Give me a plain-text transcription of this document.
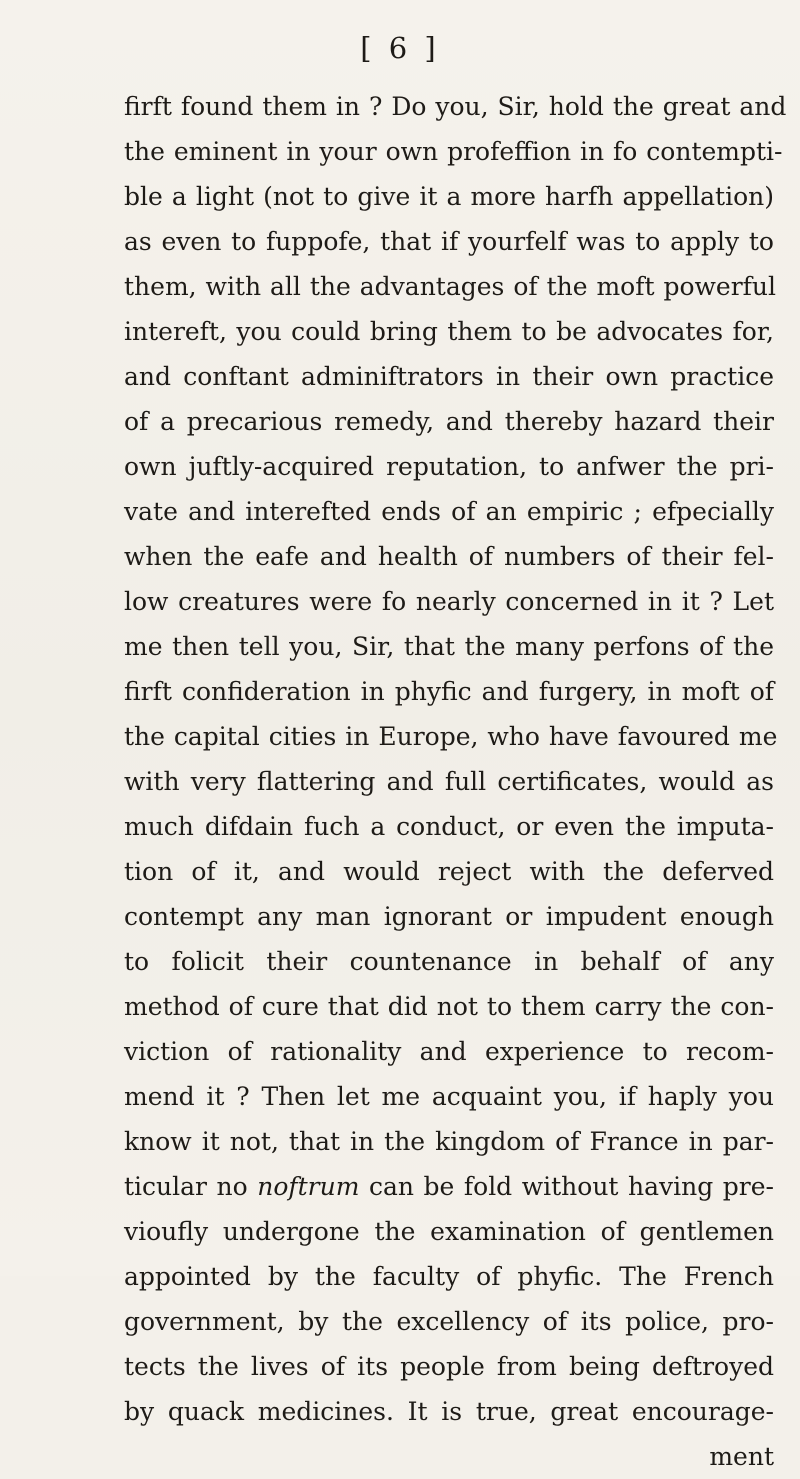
[ 6 ]
firft found them in ? Do you, Sir, hold the great and
the eminent in your own profeffion in fo contempti-
ble a light (not to give it a more harfh appellation)
as even to fuppofe, that if yourfelf was to apply to
them, with all the advantages of the moft powerful
intereft, you could bring them to be advocates for,
and conftant adminiftrators in their own practice
of a precarious remedy, and thereby hazard their
own juftly-acquired reputation, to anfwer the pri-
vate and interefted ends of an empiric ; efpecially
when the eafe and health of numbers of their fel-
low creatures were fo nearly concerned in it ? Let
me then tell you, Sir, that the many perfons of the
firft confideration in phyfic and furgery, in moft of
the capital cities in Europe, who have favoured me
with very flattering and full certificates, would as
much difdain fuch a conduct, or even the imputa-
tion of it, and would reject with the deferved
contempt any man ignorant or impudent enough
to folicit their countenance in behalf of any
method of cure that did not to them carry the con-
viction of rationality and experience to recom-
mend it ? Then let me acquaint you, if haply you
know it not, that in the kingdom of France in par-
ticular no noftrum can be fold without having pre-
vioufly undergone the examination of gentlemen
appointed by the faculty of phyfic. The French
government, by the excellency of its police, pro-
tects the lives of its people from being deftroyed
by quack medicines. It is true, great encourage-
ment
